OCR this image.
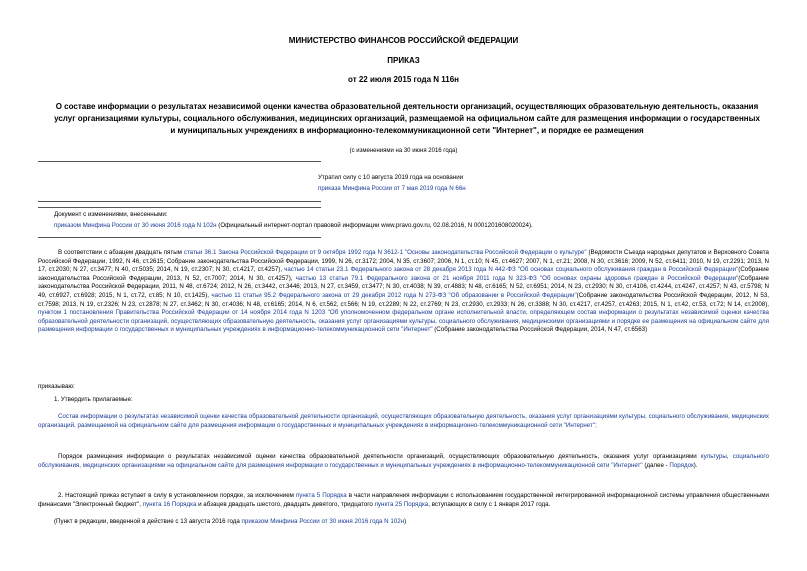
МИНИСТЕРСТВО ФИНАНСОВ РОССИЙСКОЙ ФЕДЕРАЦИИ
ПРИКАЗ
от 22 июля 2015 года N 116н
О составе информации о результатах независимой оценки качества образовательной деятельности организаций, осуществляющих образовательную деятельность, оказания услуг организациями культуры, социального обслуживания, медицинских организаций, размещаемой на официальном сайте для размещения информации о государственных и муниципальных учреждениях в информационно-телекоммуникационной сети "Интернет", и порядке ее размещения
(с изменениями на 30 июня 2016 года)
Утратил силу с 10 августа 2019 года на основании
приказа Минфина России от 7 мая 2019 года N 66н
Документ с изменениями, внесенными:
приказом Минфина России от 30 июня 2016 года N 102н (Официальный интернет-портал правовой информации www.pravo.gov.ru, 02.08.2016, N 0001201608020024).
В соответствии с абзацем двадцать пятым статьи 36.1 Закона Российской Федерации от 9 октября 1992 года N 3612-1 "Основы законодательства Российской Федерации о культуре" (Ведомости Съезда народных депутатов и Верховного Совета Российской Федерации, 1992, N 46, ст.2615; Собрание законодательства Российской Федерации, 1999, N 26, ст.3172; 2004, N 35, ст.3607; 2006, N 1, ст.10; N 45, ст.4627; 2007, N 1, ст.21; 2008, N 30, ст.3616; 2009, N 52, ст.6411; 2010, N 19, ст.2291; 2013, N 17, ст.2030; N 27, ст.3477; N 40, ст.5035; 2014, N 19, ст.2307; N 30, ст.4217, ст.4257), частью 14 статьи 23.1 Федерального закона от 28 декабря 2013 года N 442-ФЗ "Об основах социального обслуживания граждан в Российской Федерации"(Собрание законодательства Российской Федерации, 2013, N 52, ст.7007; 2014, N 30, ст.4257), частью 13 статьи 79.1 Федерального закона от 21 ноября 2011 года N 323-ФЗ "Об основах охраны здоровья граждан в Российской Федерации"(Собрание законодательства Российской Федерации, 2011, N 48, ст.6724; 2012, N 26, ст.3442, ст.3446; 2013, N 27, ст.3459, ст.3477; N 30, ст.4038; N 39, ст.4883; N 48, ст.6165; N 52, ст.6951; 2014, N 23, ст.2930; N 30, ст.4106, ст.4244, ст.4247, ст.4257; N 43, ст.5798; N 49, ст.6927, ст.6928; 2015, N 1, ст.72, ст.85; N 10, ст.1425), частью 11 статьи 95.2 Федерального закона от 29 декабря 2012 года N 273-ФЗ "Об образовании в Российской Федерации"(Собрание законодательства Российской Федерации, 2012, N 53, ст.7598; 2013, N 19, ст.2326; N 23, ст.2878; N 27, ст.3462; N 30, ст.4036; N 48, ст.6165; 2014, N 6, ст.562, ст.566; N 19, ст.2289; N 22, ст.2769; N 23, ст.2930, ст.2933; N 26, ст.3388; N 30, ст.4217, ст.4257, ст.4263; 2015, N 1, ст.42, ст.53, ст.72; N 14, ст.2008), пунктом 1 постановления Правительства Российской Федерации от 14 ноября 2014 года N 1203 "Об уполномоченном федеральном органе исполнительной власти, определяющем состав информации о результатах независимой оценки качества образовательной деятельности организаций, осуществляющих образовательную деятельность, оказания услуг организациями культуры, социального обслуживания, медицинскими организациями и порядке ее размещения на официальном сайте для размещения информации о государственных и муниципальных учреждениях в информационно-телекоммуникационной сети "Интернет" (Собрание законодательства Российской Федерации, 2014, N 47, ст.6563)
приказываю:
1. Утвердить прилагаемые:
Состав информации о результатах независимой оценки качества образовательной деятельности организаций, осуществляющих образовательную деятельность, оказания услуг организациями культуры, социального обслуживания, медицинских организаций, размещаемой на официальном сайте для размещения информации о государственных и муниципальных учреждениях в информационно-телекоммуникационной сети "Интернет";
Порядок размещения информации о результатах независимой оценки качества образовательной деятельности организаций, осуществляющих образовательную деятельность, оказания услуг организациями культуры, социального обслуживания, медицинских организациями на официальном сайте для размещения информации о государственных и муниципальных учреждениях в информационно-телекоммуникационной сети "Интернет" (далее - Порядок).
2. Настоящий приказ вступает в силу в установленном порядке, за исключением пункта 5 Порядка в части направления информации с использованием государственной интегрированной информационной системы управления общественными финансами "Электронный бюджет", пункта 16 Порядка и абзацев двадцать шестого, двадцать девятого, тридцатого пункта 25 Порядка, вступающих в силу с 1 января 2017 года.
(Пункт в редакции, введенной в действие с 13 августа 2016 года приказом Минфина России от 30 июня 2016 года N 102н)
